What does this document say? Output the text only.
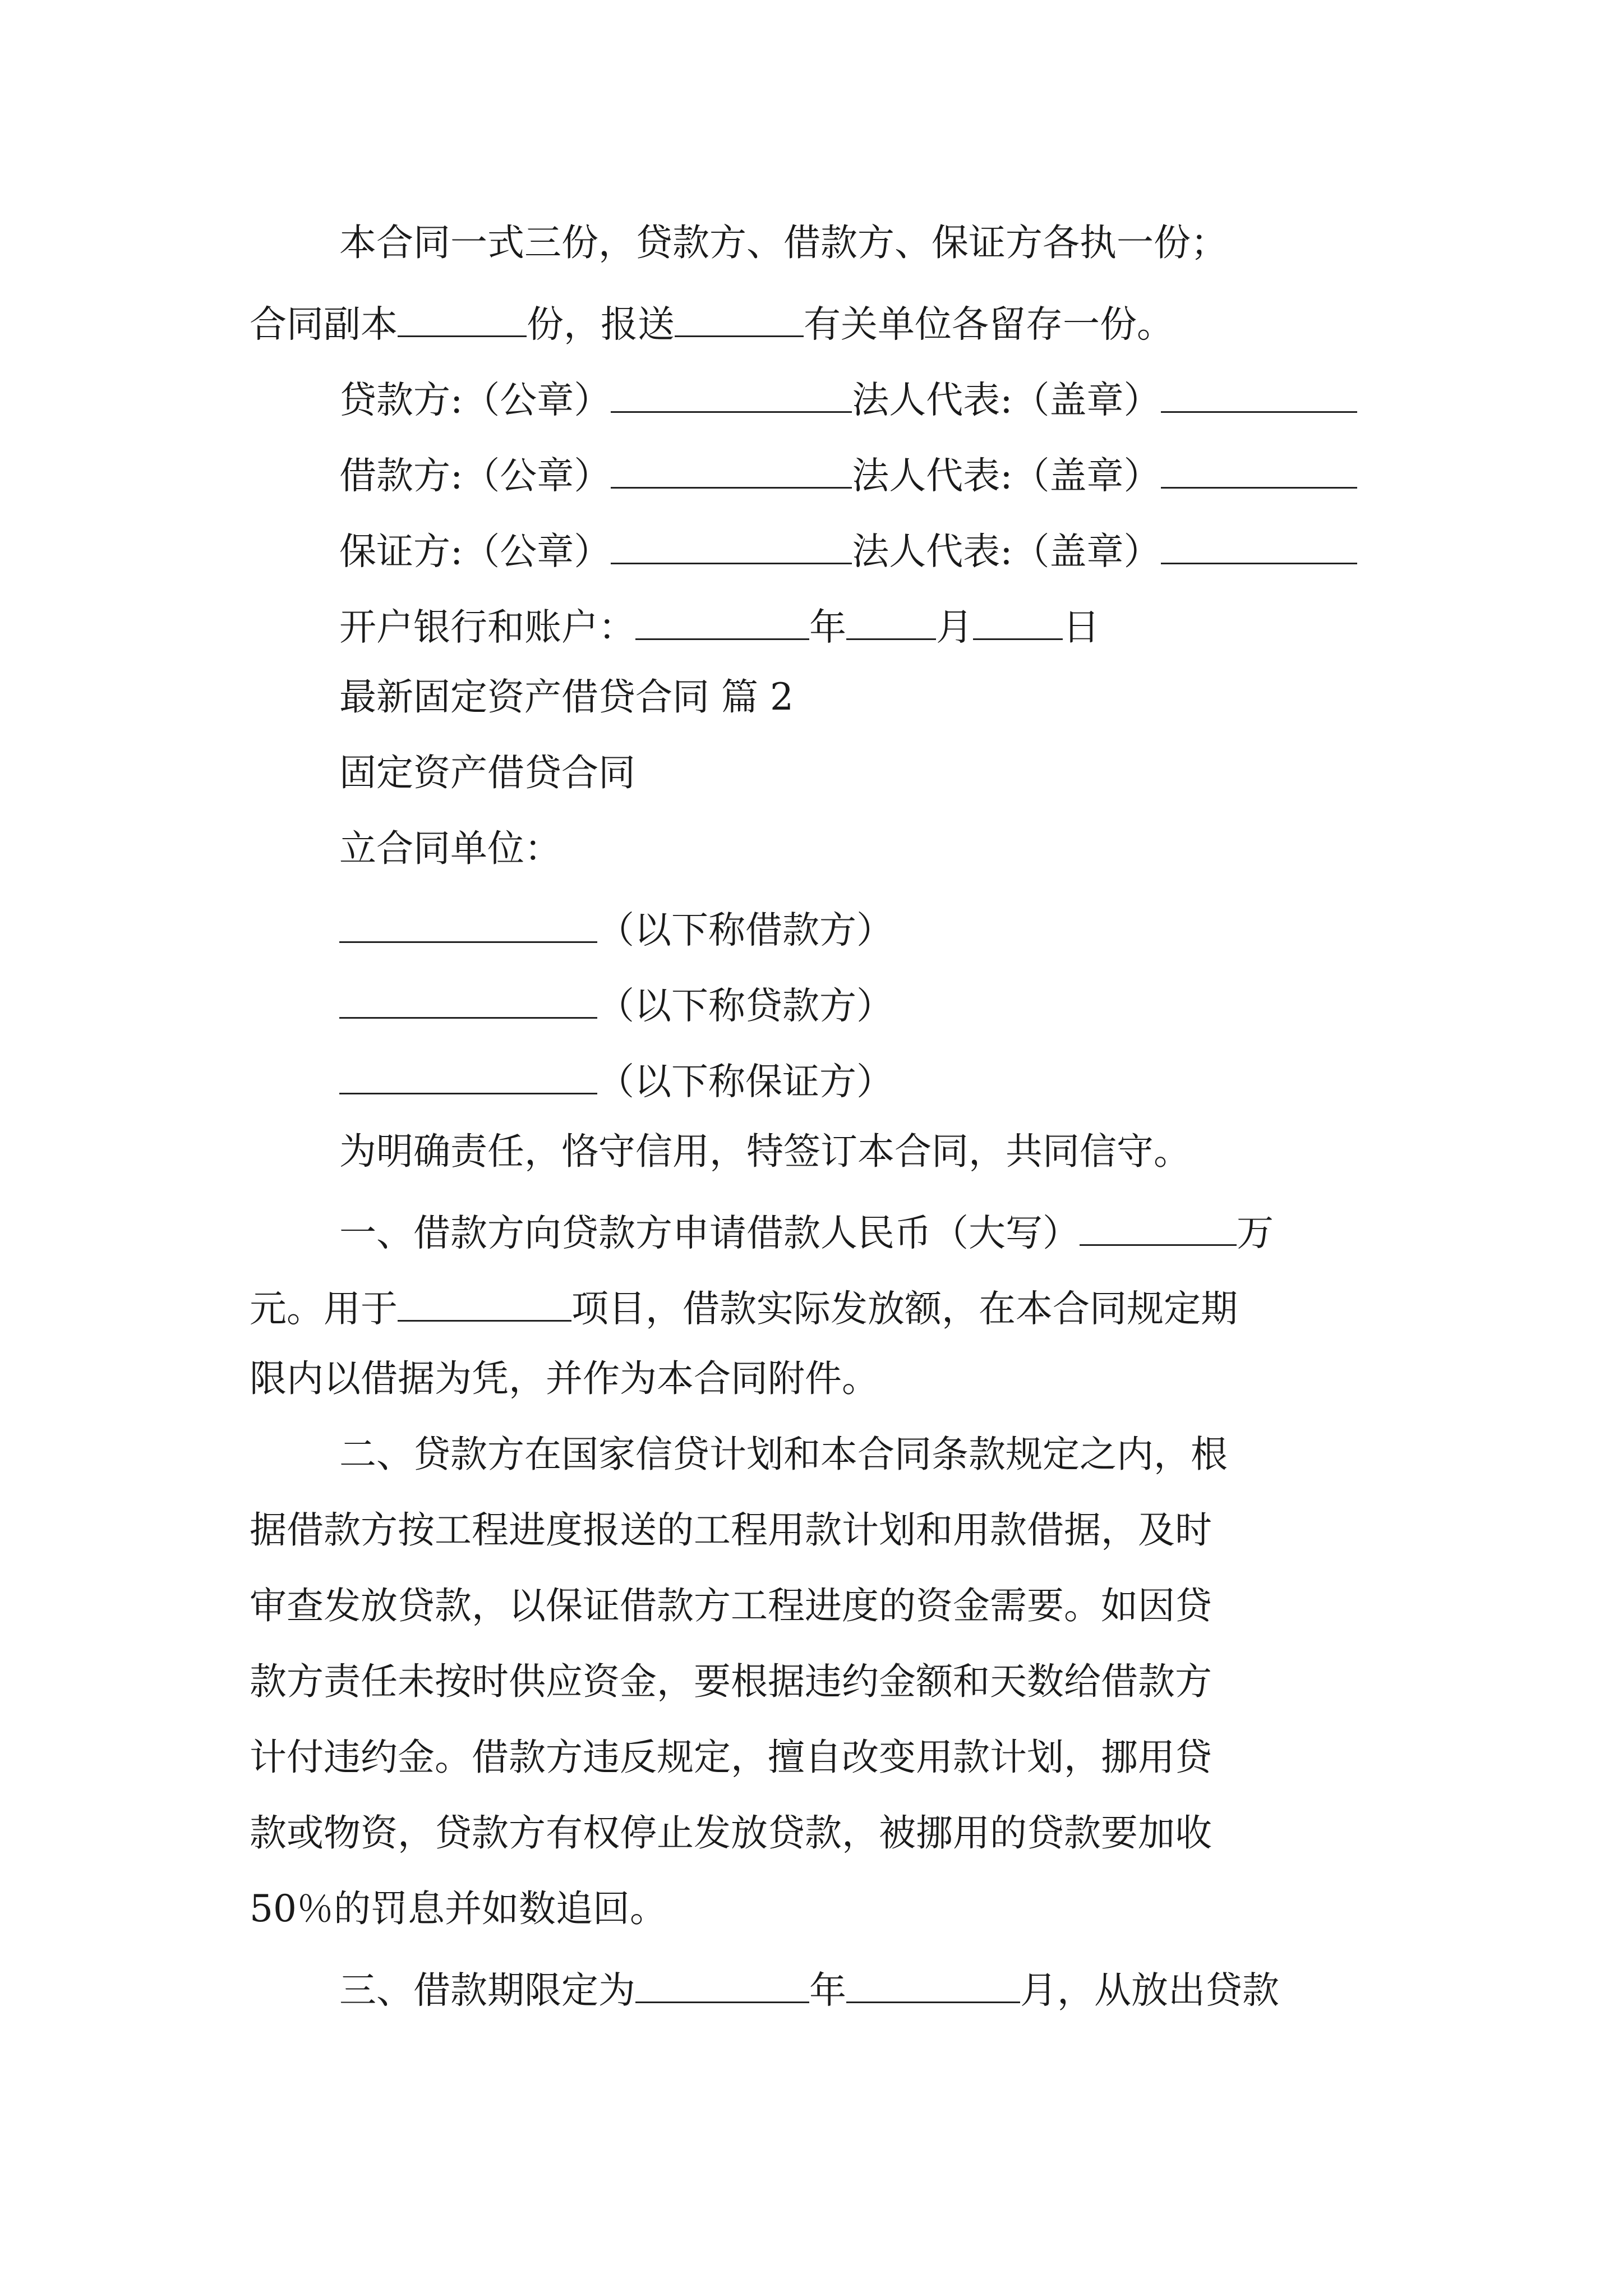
本合同一式三份，贷款方、借款方、保证方各执一份；
合同副本	份，报送	有关单位各留存一份。
贷款方:（公章）	法人代表:（盖章）
借款方:（公章）	法人代表:（盖章）
保证方:（公章）	法人代表:（盖章）
开户银行和账户：	年 月 日
最新固定资产借贷合同 篇 2
固定资产借贷合同
立合同单位：
（以下称借款方）
（以下称贷款方）
（以下称保证方）
为明确责任，恪守信用，特签订本合同，共同信守。
一、借款方向贷款方申请借款人民币（大写）	万
元。用于	项目，借款实际发放额，在本合同规定期
限内以借据为凭，并作为本合同附件。
二、贷款方在国家信贷计划和本合同条款规定之内，根
据借款方按工程进度报送的工程用款计划和用款借据，及时
审查发放贷款，以保证借款方工程进度的资金需要。如因贷
款方责任未按时供应资金，要根据违约金额和天数给借款方
计付违约金。借款方违反规定，擅自改变用款计划，挪用贷
款或物资，贷款方有权停止发放贷款，被挪用的贷款要加收
50％的罚息并如数追回。
三、借款期限定为	年	月，从放出贷款
